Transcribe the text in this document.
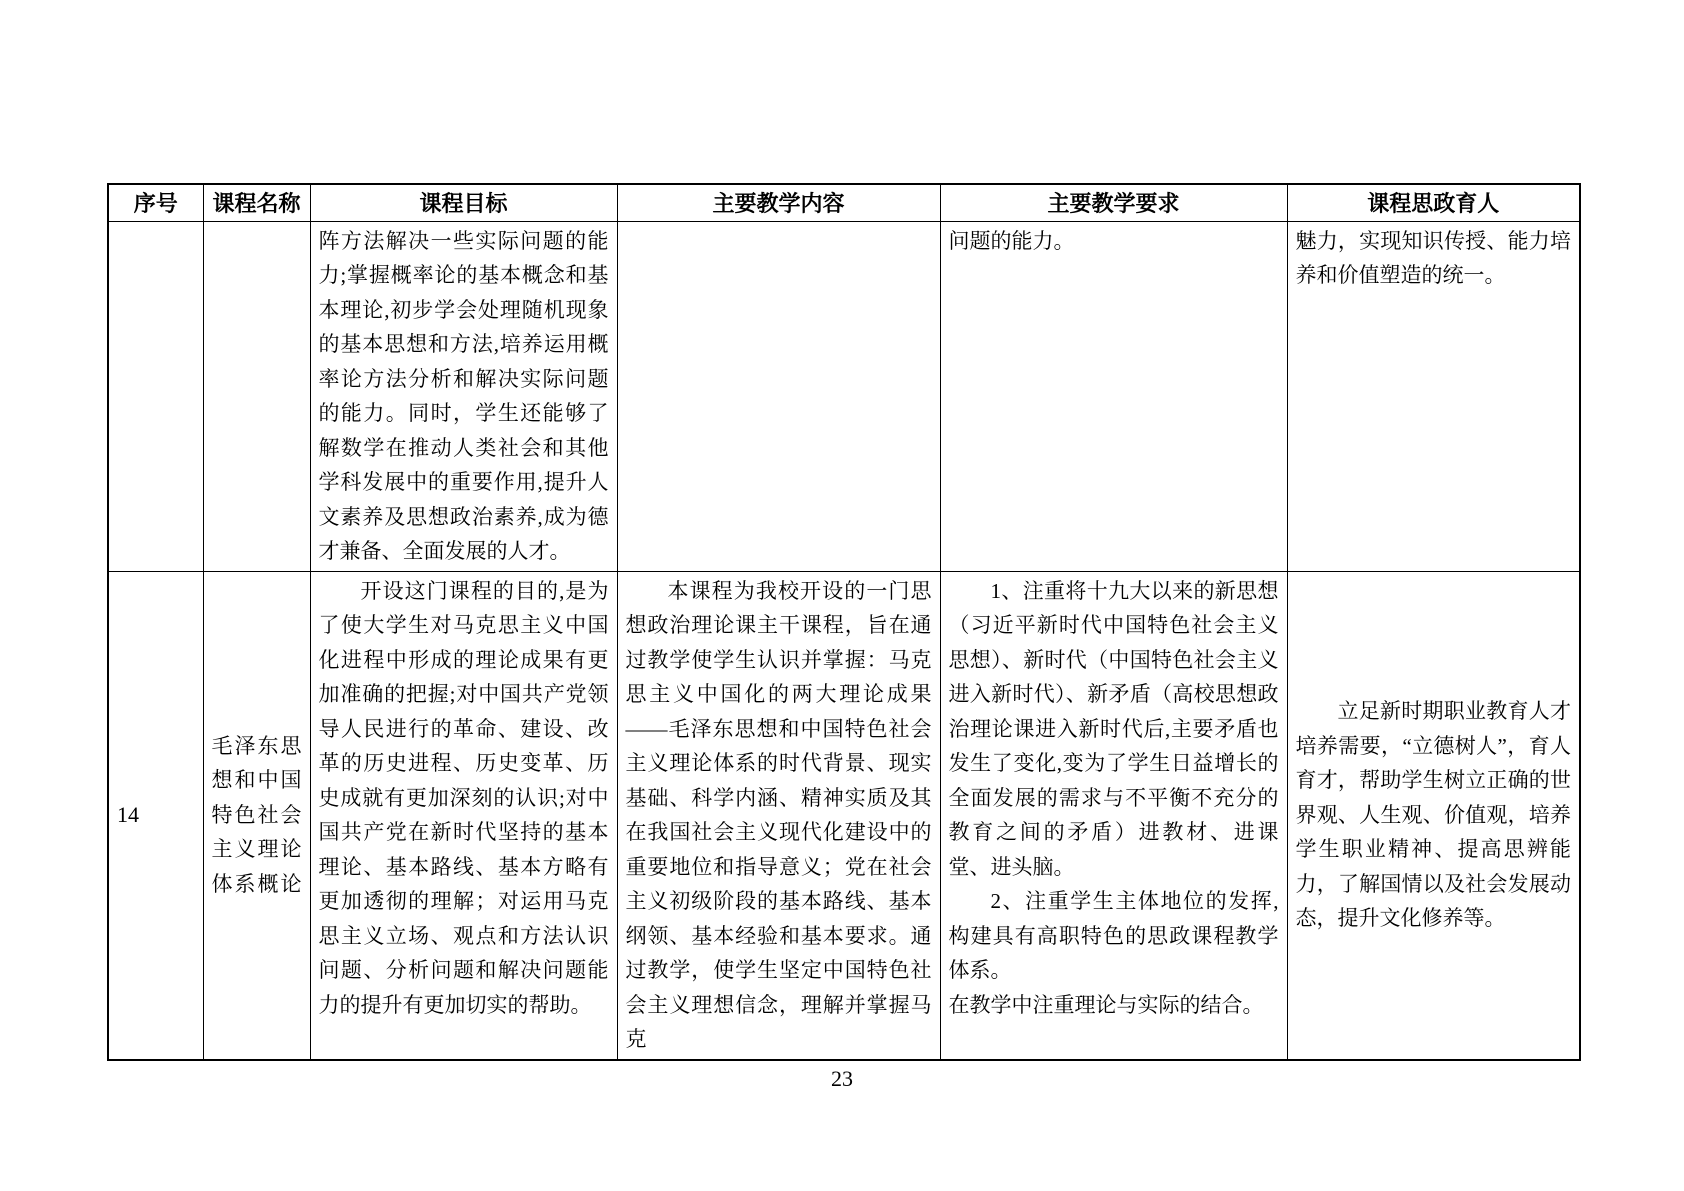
序号	课程名称	课程目标	主要教学内容	主要教学要求	课程思政育人

		阵方法解决一些实际问题的能力;掌握概率论的基本概念和基本理论,初步学会处理随机现象的基本思想和方法,培养运用概率论方法分析和解决实际问题的能力。同时，学生还能够了解数学在推动人类社会和其他学科发展中的重要作用,提升人文素养及思想政治素养,成为德才兼备、全面发展的人才。		问题的能力。	魅力，实现知识传授、能力培养和价值塑造的统一。

14	毛泽东思想和中国特色社会主义理论体系概论	开设这门课程的目的,是为了使大学生对马克思主义中国化进程中形成的理论成果有更加准确的把握;对中国共产党领导人民进行的革命、建设、改革的历史进程、历史变革、历史成就有更加深刻的认识;对中国共产党在新时代坚持的基本理论、基本路线、基本方略有更加透彻的理解；对运用马克思主义立场、观点和方法认识问题、分析问题和解决问题能力的提升有更加切实的帮助。	本课程为我校开设的一门思想政治理论课主干课程，旨在通过教学使学生认识并掌握：马克思主义中国化的两大理论成果——毛泽东思想和中国特色社会主义理论体系的时代背景、现实基础、科学内涵、精神实质及其在我国社会主义现代化建设中的重要地位和指导意义；党在社会主义初级阶段的基本路线、基本纲领、基本经验和基本要求。通过教学，使学生坚定中国特色社会主义理想信念，理解并掌握马克	1、注重将十九大以来的新思想（习近平新时代中国特色社会主义思想）、新时代（中国特色社会主义进入新时代）、新矛盾（高校思想政治理论课进入新时代后,主要矛盾也发生了变化,变为了学生日益增长的全面发展的需求与不平衡不充分的教育之间的矛盾）进教材、进课堂、进头脑。

2、注重学生主体地位的发挥,构建具有高职特色的思政课程教学体系。

在教学中注重理论与实际的结合。	立足新时期职业教育人才培养需要，“立德树人”，育人育才，帮助学生树立正确的世界观、人生观、价值观，培养学生职业精神、提高思辨能力，了解国情以及社会发展动态，提升文化修养等。

23
